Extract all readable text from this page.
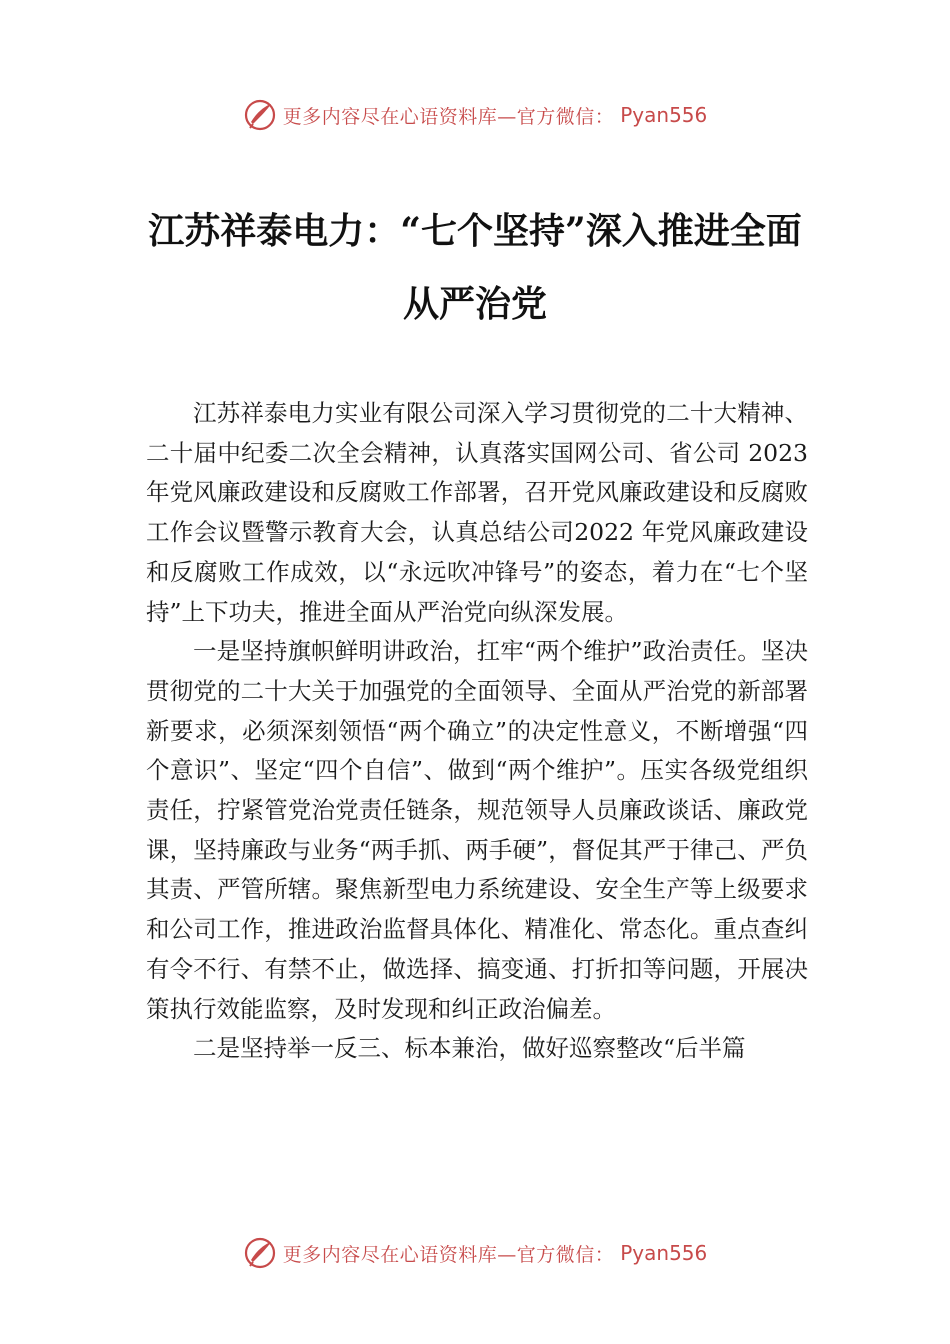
更多内容尽在心语资料库—官方微信： Pyan556
江苏祥泰电力：“七个坚持”深入推进全面
从严治党

江苏祥泰电力实业有限公司深入学习贯彻党的二十大精神、二十届中纪委二次全会精神，认真落实国网公司、省公司 2023 年党风廉政建设和反腐败工作部署，召开党风廉政建设和反腐败工作会议暨警示教育大会，认真总结公司2022 年党风廉政建设和反腐败工作成效，以“永远吹冲锋号”的姿态，着力在“七个坚持”上下功夫，推进全面从严治党向纵深发展。

一是坚持旗帜鲜明讲政治，扛牢“两个维护”政治责任。坚决贯彻党的二十大关于加强党的全面领导、全面从严治党的新部署新要求，必须深刻领悟“两个确立”的决定性意义，不断增强“四个意识”、坚定“四个自信”、做到“两个维护”。压实各级党组织责任，拧紧管党治党责任链条，规范领导人员廉政谈话、廉政党课，坚持廉政与业务“两手抓、两手硬”，督促其严于律己、严负其责、严管所辖。聚焦新型电力系统建设、安全生产等上级要求和公司工作，推进政治监督具体化、精准化、常态化。重点查纠有令不行、有禁不止，做选择、搞变通、打折扣等问题，开展决策执行效能监察，及时发现和纠正政治偏差。

二是坚持举一反三、标本兼治，做好巡察整改“后半篇

更多内容尽在心语资料库—官方微信： Pyan556
